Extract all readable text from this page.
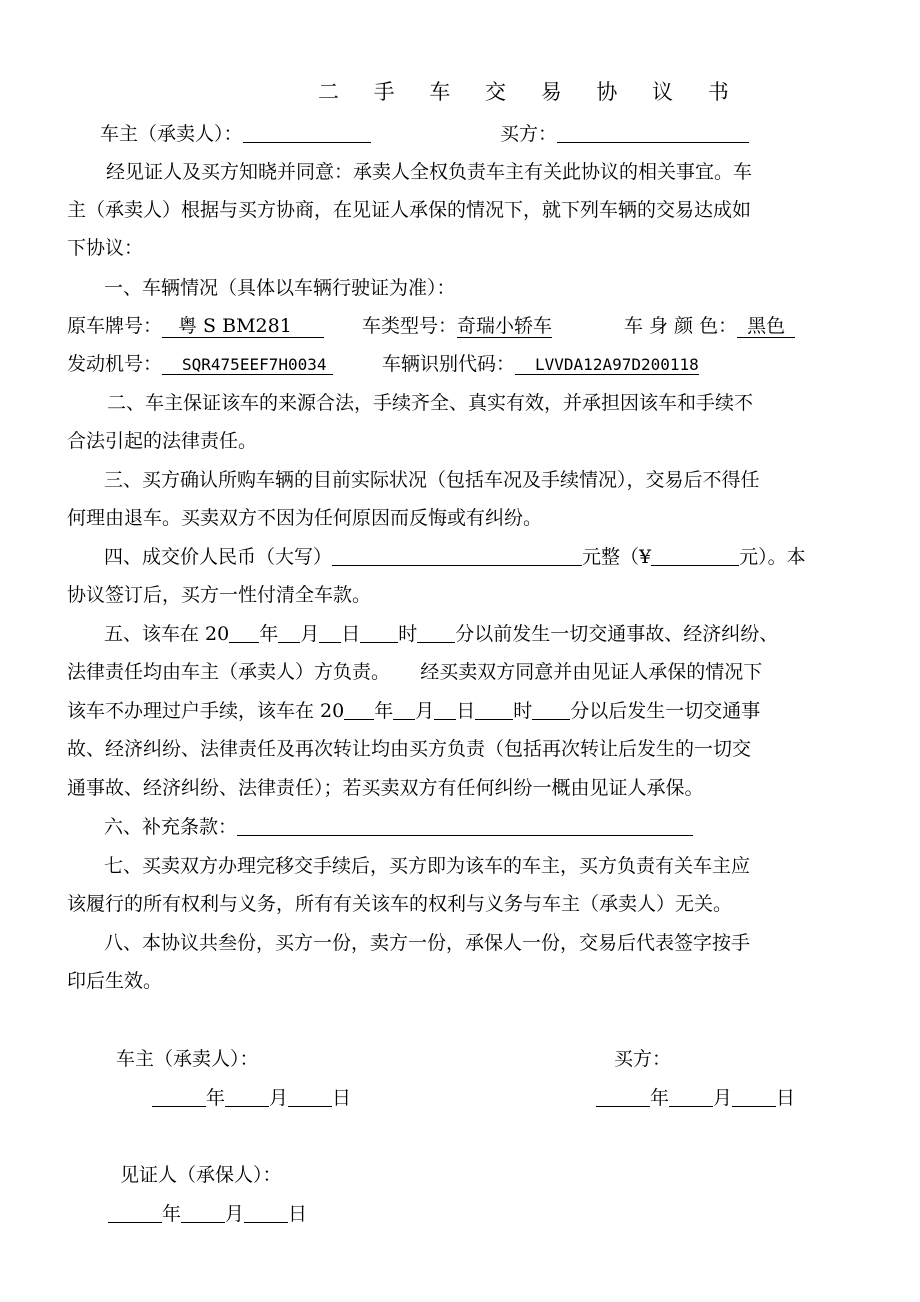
二 手 车 交 易 协 议 书
车主（承卖人）：	买方：
经见证人及买方知晓并同意：承卖人全权负责车主有关此协议的相关事宜。车
主（承卖人）根据与买方协商，在见证人承保的情况下，就下列车辆的交易达成如
下协议：
一、车辆情况（具体以车辆行驶证为准）：
原车牌号： 粤 S BM281	车类型号：奇瑞小轿车	车 身 颜 色： 黑色
发动机号： SQR475EEF7H0034	车辆识别代码： LVVDA12A97D200118
二、车主保证该车的来源合法，手续齐全、真实有效，并承担因该车和手续不
合法引起的法律责任。
三、买方确认所购车辆的目前实际状况（包括车况及手续情况），交易后不得任
何理由退车。买卖双方不因为任何原因而反悔或有纠纷。
四、成交价人民币（大写）	元整（¥	元）。本
协议签订后，买方一性付清全车款。
五、该车在 20 年 月 日 时 分以前发生一切交通事故、经济纠纷、
法律责任均由车主（承卖人）方负责。     经买卖双方同意并由见证人承保的情况下
该车不办理过户手续，该车在 20 年 月 日 时 分以后发生一切交通事
故、经济纠纷、法律责任及再次转让均由买方负责（包括再次转让后发生的一切交
通事故、经济纠纷、法律责任）；若买卖双方有任何纠纷一概由见证人承保。
六、补充条款：
七、买卖双方办理完移交手续后，买方即为该车的车主，买方负责有关车主应
该履行的所有权利与义务，所有有关该车的权利与义务与车主（承卖人）无关。
八、本协议共叁份，买方一份，卖方一份，承保人一份，交易后代表签字按手
印后生效。
车主（承卖人）：	买方：
年 月 日	年 月 日
见证人（承保人）：
年 月 日
